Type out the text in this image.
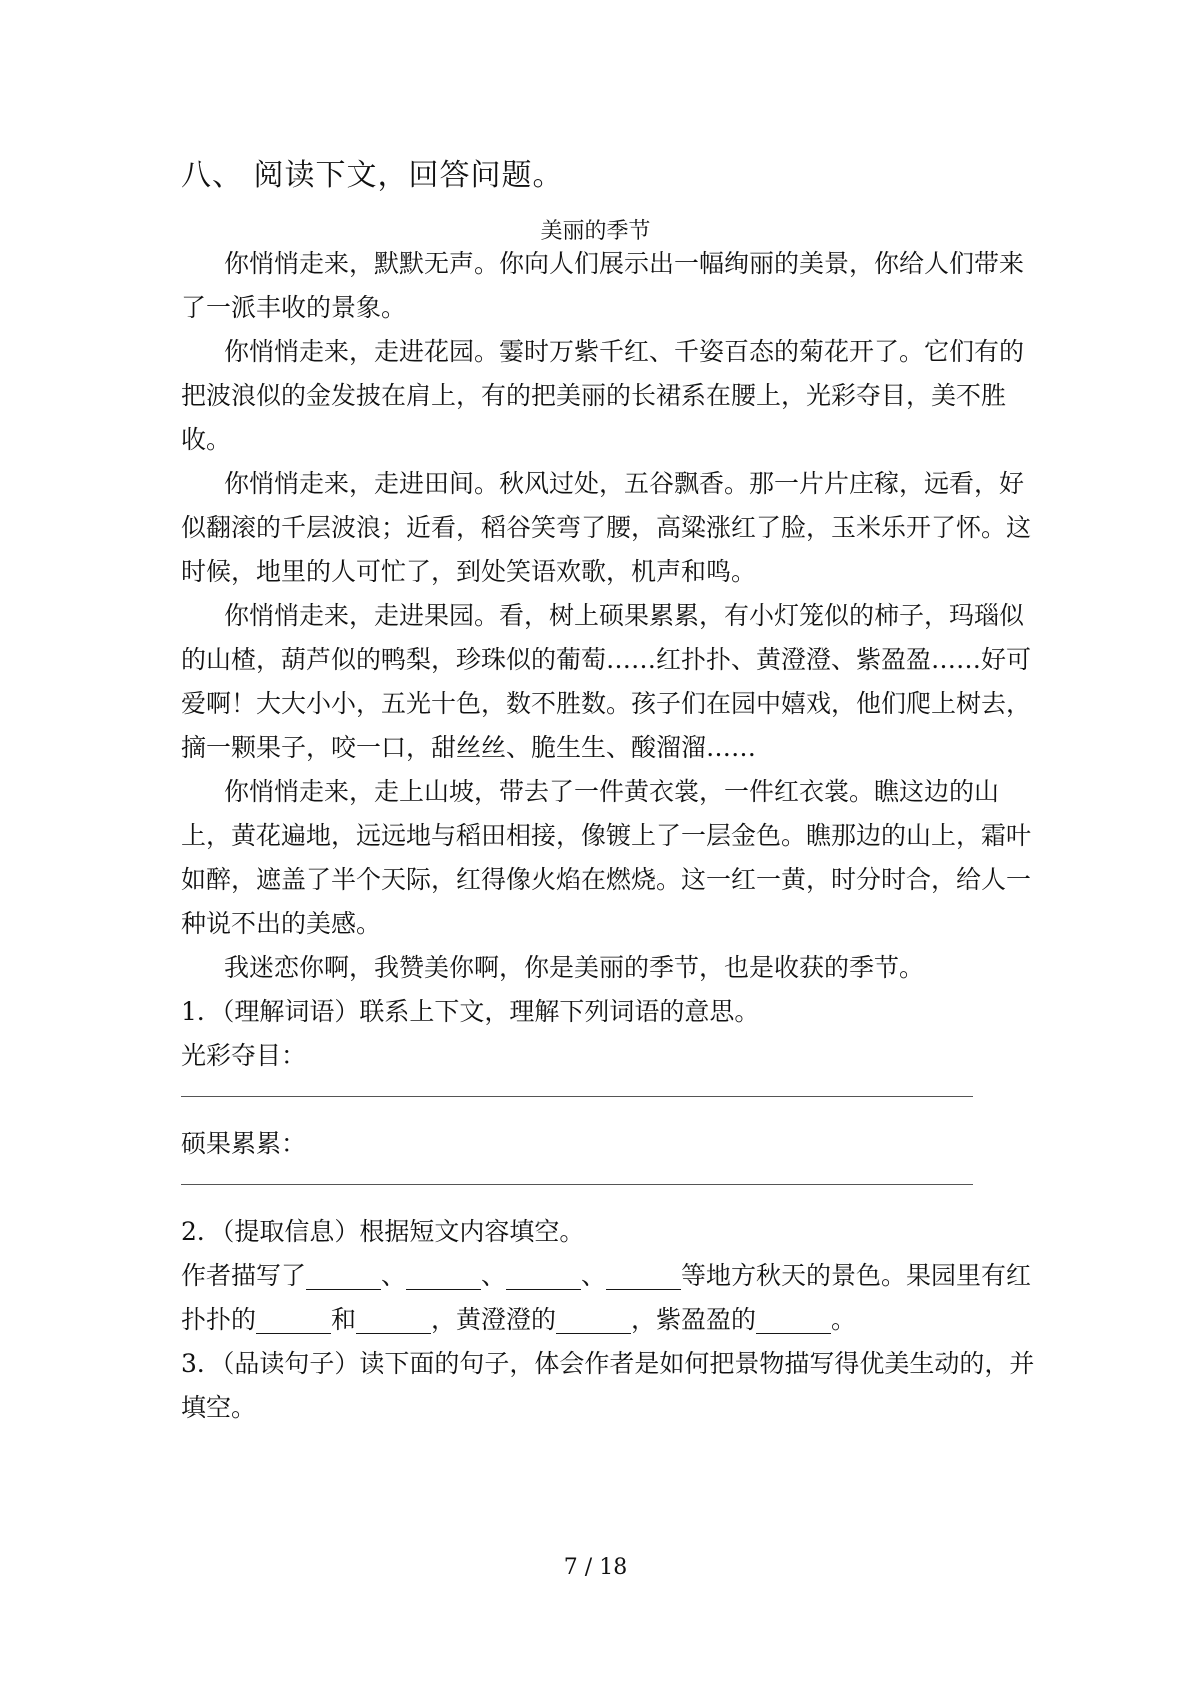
八、 阅读下文，回答问题。
美丽的季节
你悄悄走来，默默无声。你向人们展示出一幅绚丽的美景，你给人们带来
了一派丰收的景象。
你悄悄走来，走进花园。霎时万紫千红、千姿百态的菊花开了。它们有的
把波浪似的金发披在肩上，有的把美丽的长裙系在腰上，光彩夺目，美不胜
收。
你悄悄走来，走进田间。秋风过处，五谷飘香。那一片片庄稼，远看，好
似翻滚的千层波浪；近看，稻谷笑弯了腰，高粱涨红了脸，玉米乐开了怀。这
时候，地里的人可忙了，到处笑语欢歌，机声和鸣。
你悄悄走来，走进果园。看，树上硕果累累，有小灯笼似的柿子，玛瑙似
的山楂，葫芦似的鸭梨，珍珠似的葡萄……红扑扑、黄澄澄、紫盈盈……好可
爱啊！大大小小，五光十色，数不胜数。孩子们在园中嬉戏，他们爬上树去，
摘一颗果子，咬一口，甜丝丝、脆生生、酸溜溜……
你悄悄走来，走上山坡，带去了一件黄衣裳，一件红衣裳。瞧这边的山
上，黄花遍地，远远地与稻田相接，像镀上了一层金色。瞧那边的山上，霜叶
如醉，遮盖了半个天际，红得像火焰在燃烧。这一红一黄，时分时合，给人一
种说不出的美感。
我迷恋你啊，我赞美你啊，你是美丽的季节，也是收获的季节。
1．（理解词语）联系上下文，理解下列词语的意思。
光彩夺目：
硕果累累：
2．（提取信息）根据短文内容填空。
作者描写了______、______、______、______等地方秋天的景色。果园里有红
扑扑的______和______，黄澄澄的______，紫盈盈的______。
3．（品读句子）读下面的句子，体会作者是如何把景物描写得优美生动的，并
填空。
7 / 18
